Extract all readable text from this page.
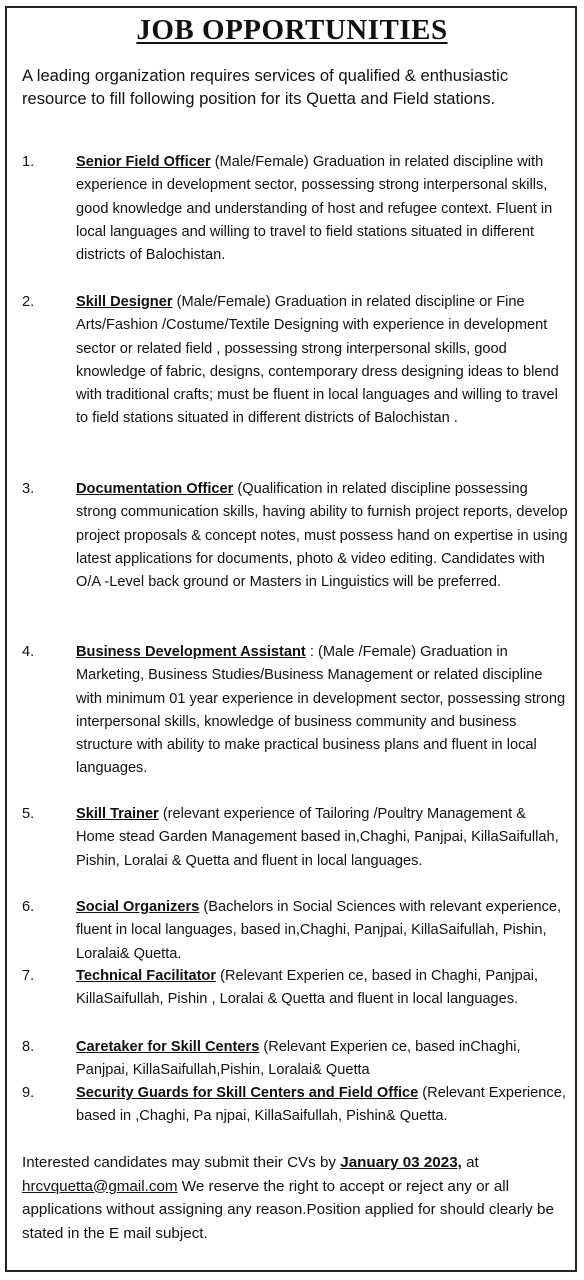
JOB OPPORTUNITIES
A leading organization requires services of qualified & enthusiastic resource to fill following position for its Quetta and Field stations.
1.	Senior Field Officer (Male/Female) Graduation in related discipline with experience in development sector, possessing strong interpersonal skills, good knowledge and understanding of host and refugee context. Fluent in local languages and willing to travel to field stations situated in different districts of Balochistan.
2.	Skill Designer (Male/Female) Graduation in related discipline or Fine Arts/Fashion /Costume/Textile Designing with experience in development sector or related field , possessing strong interpersonal skills, good knowledge of fabric, designs, contemporary dress designing ideas to blend with traditional crafts; must be fluent in local languages and willing to travel to field stations situated in different districts of Balochistan .
3.	Documentation Officer (Qualification in related discipline possessing strong communication skills, having ability to furnish project reports, develop project proposals & concept notes, must possess hand on expertise in using latest applications for documents, photo & video editing. Candidates with O/A -Level back ground or Masters in Linguistics will be preferred.
4.	Business Development Assistant : (Male /Female) Graduation in Marketing, Business Studies/Business Management or related discipline with minimum 01 year experience in development sector, possessing strong interpersonal skills, knowledge of business community and business structure with ability to make practical business plans and fluent in local languages.
5.	Skill Trainer (relevant experience of Tailoring /Poultry Management & Home stead Garden Management based in,Chaghi, Panjpai, KillaSaifullah, Pishin, Loralai & Quetta and fluent in local languages.
6.	Social Organizers (Bachelors in Social Sciences with relevant experience, fluent in local languages, based in,Chaghi, Panjpai, KillaSaifullah, Pishin, Loralai& Quetta.
7.	Technical Facilitator (Relevant Experien ce, based in Chaghi, Panjpai, KillaSaifullah, Pishin , Loralai & Quetta and fluent in local languages.
8.	Caretaker for Skill Centers (Relevant Experien ce, based inChaghi, Panjpai, KillaSaifullah,Pishin, Loralai& Quetta
9.	Security Guards for Skill Centers and Field Office (Relevant Experience, based in ,Chaghi, Pa njpai, KillaSaifullah, Pishin& Quetta.
Interested candidates may submit their CVs by January 03 2023, at hrcvquetta@gmail.com We reserve the right to accept or reject any or all applications without assigning any reason.Position applied for should clearly be stated in the E mail subject.
